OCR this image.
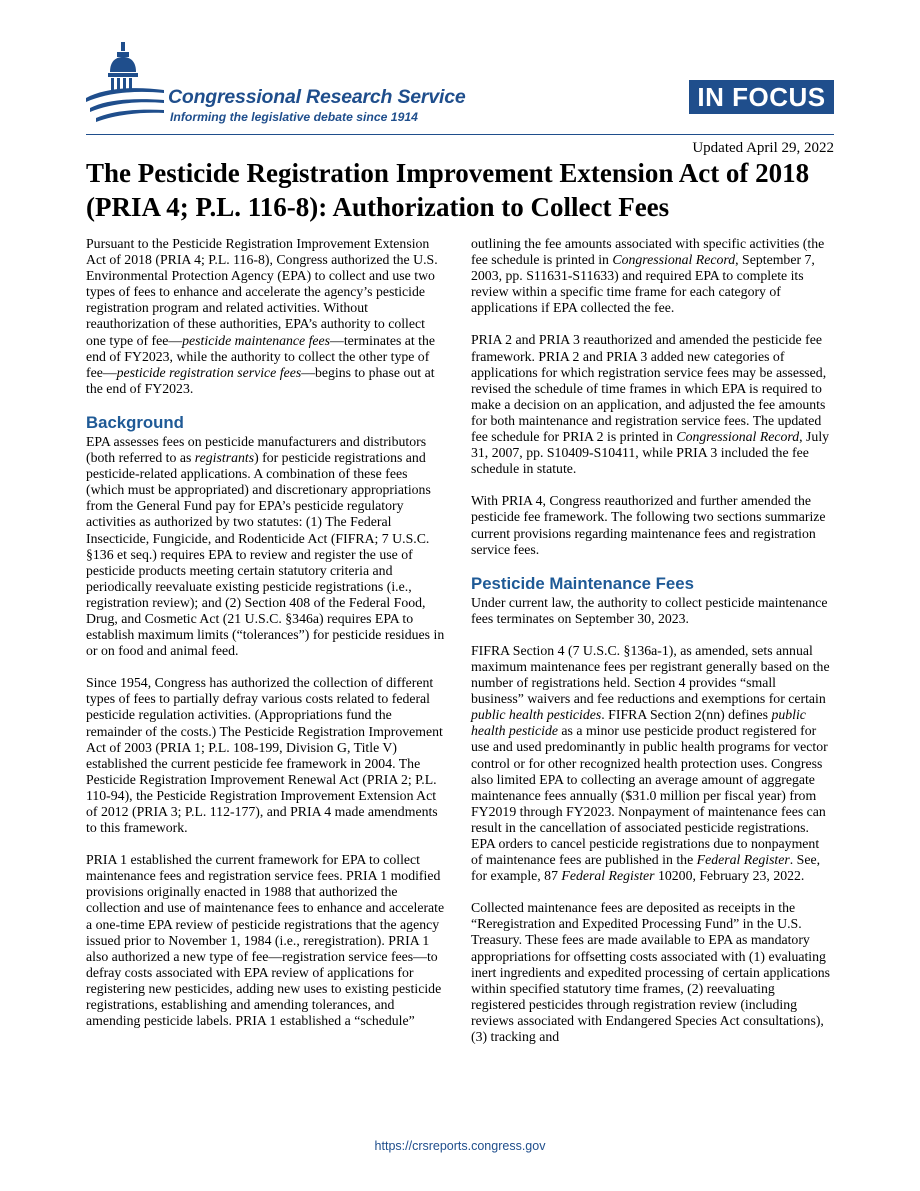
Congressional Research Service
Informing the legislative debate since 1914
IN FOCUS
Updated April 29, 2022
The Pesticide Registration Improvement Extension Act of 2018 (PRIA 4; P.L. 116-8): Authorization to Collect Fees

Pursuant to the Pesticide Registration Improvement Extension Act of 2018 (PRIA 4; P.L. 116-8), Congress authorized the U.S. Environmental Protection Agency (EPA) to collect and use two types of fees to enhance and accelerate the agency’s pesticide registration program and related activities. Without reauthorization of these authorities, EPA’s authority to collect one type of fee—pesticide maintenance fees—terminates at the end of FY2023, while the authority to collect the other type of fee—pesticide registration service fees—begins to phase out at the end of FY2023.

Background

EPA assesses fees on pesticide manufacturers and distributors (both referred to as registrants) for pesticide registrations and pesticide-related applications. A combination of these fees (which must be appropriated) and discretionary appropriations from the General Fund pay for EPA’s pesticide regulatory activities as authorized by two statutes: (1) The Federal Insecticide, Fungicide, and Rodenticide Act (FIFRA; 7 U.S.C. §136 et seq.) requires EPA to review and register the use of pesticide products meeting certain statutory criteria and periodically reevaluate existing pesticide registrations (i.e., registration review); and (2) Section 408 of the Federal Food, Drug, and Cosmetic Act (21 U.S.C. §346a) requires EPA to establish maximum limits (“tolerances”) for pesticide residues in or on food and animal feed.

Since 1954, Congress has authorized the collection of different types of fees to partially defray various costs related to federal pesticide regulation activities. (Appropriations fund the remainder of the costs.) The Pesticide Registration Improvement Act of 2003 (PRIA 1; P.L. 108-199, Division G, Title V) established the current pesticide fee framework in 2004. The Pesticide Registration Improvement Renewal Act (PRIA 2; P.L. 110-94), the Pesticide Registration Improvement Extension Act of 2012 (PRIA 3; P.L. 112-177), and PRIA 4 made amendments to this framework.

PRIA 1 established the current framework for EPA to collect maintenance fees and registration service fees. PRIA 1 modified provisions originally enacted in 1988 that authorized the collection and use of maintenance fees to enhance and accelerate a one-time EPA review of pesticide registrations that the agency issued prior to November 1, 1984 (i.e., reregistration). PRIA 1 also authorized a new type of fee—registration service fees—to defray costs associated with EPA review of applications for registering new pesticides, adding new uses to existing pesticide registrations, establishing and amending tolerances, and amending pesticide labels. PRIA 1 established a “schedule”

outlining the fee amounts associated with specific activities (the fee schedule is printed in Congressional Record, September 7, 2003, pp. S11631-S11633) and required EPA to complete its review within a specific time frame for each category of applications if EPA collected the fee.

PRIA 2 and PRIA 3 reauthorized and amended the pesticide fee framework. PRIA 2 and PRIA 3 added new categories of applications for which registration service fees may be assessed, revised the schedule of time frames in which EPA is required to make a decision on an application, and adjusted the fee amounts for both maintenance and registration service fees. The updated fee schedule for PRIA 2 is printed in Congressional Record, July 31, 2007, pp. S10409-S10411, while PRIA 3 included the fee schedule in statute.

With PRIA 4, Congress reauthorized and further amended the pesticide fee framework. The following two sections summarize current provisions regarding maintenance fees and registration service fees.

Pesticide Maintenance Fees

Under current law, the authority to collect pesticide maintenance fees terminates on September 30, 2023.

FIFRA Section 4 (7 U.S.C. §136a-1), as amended, sets annual maximum maintenance fees per registrant generally based on the number of registrations held. Section 4 provides “small business” waivers and fee reductions and exemptions for certain public health pesticides. FIFRA Section 2(nn) defines public health pesticide as a minor use pesticide product registered for use and used predominantly in public health programs for vector control or for other recognized health protection uses. Congress also limited EPA to collecting an average amount of aggregate maintenance fees annually ($31.0 million per fiscal year) from FY2019 through FY2023. Nonpayment of maintenance fees can result in the cancellation of associated pesticide registrations. EPA orders to cancel pesticide registrations due to nonpayment of maintenance fees are published in the Federal Register. See, for example, 87 Federal Register 10200, February 23, 2022.

Collected maintenance fees are deposited as receipts in the “Reregistration and Expedited Processing Fund” in the U.S. Treasury. These fees are made available to EPA as mandatory appropriations for offsetting costs associated with (1) evaluating inert ingredients and expedited processing of certain applications within specified statutory time frames, (2) reevaluating registered pesticides through registration review (including reviews associated with Endangered Species Act consultations), (3) tracking and

https://crsreports.congress.gov
